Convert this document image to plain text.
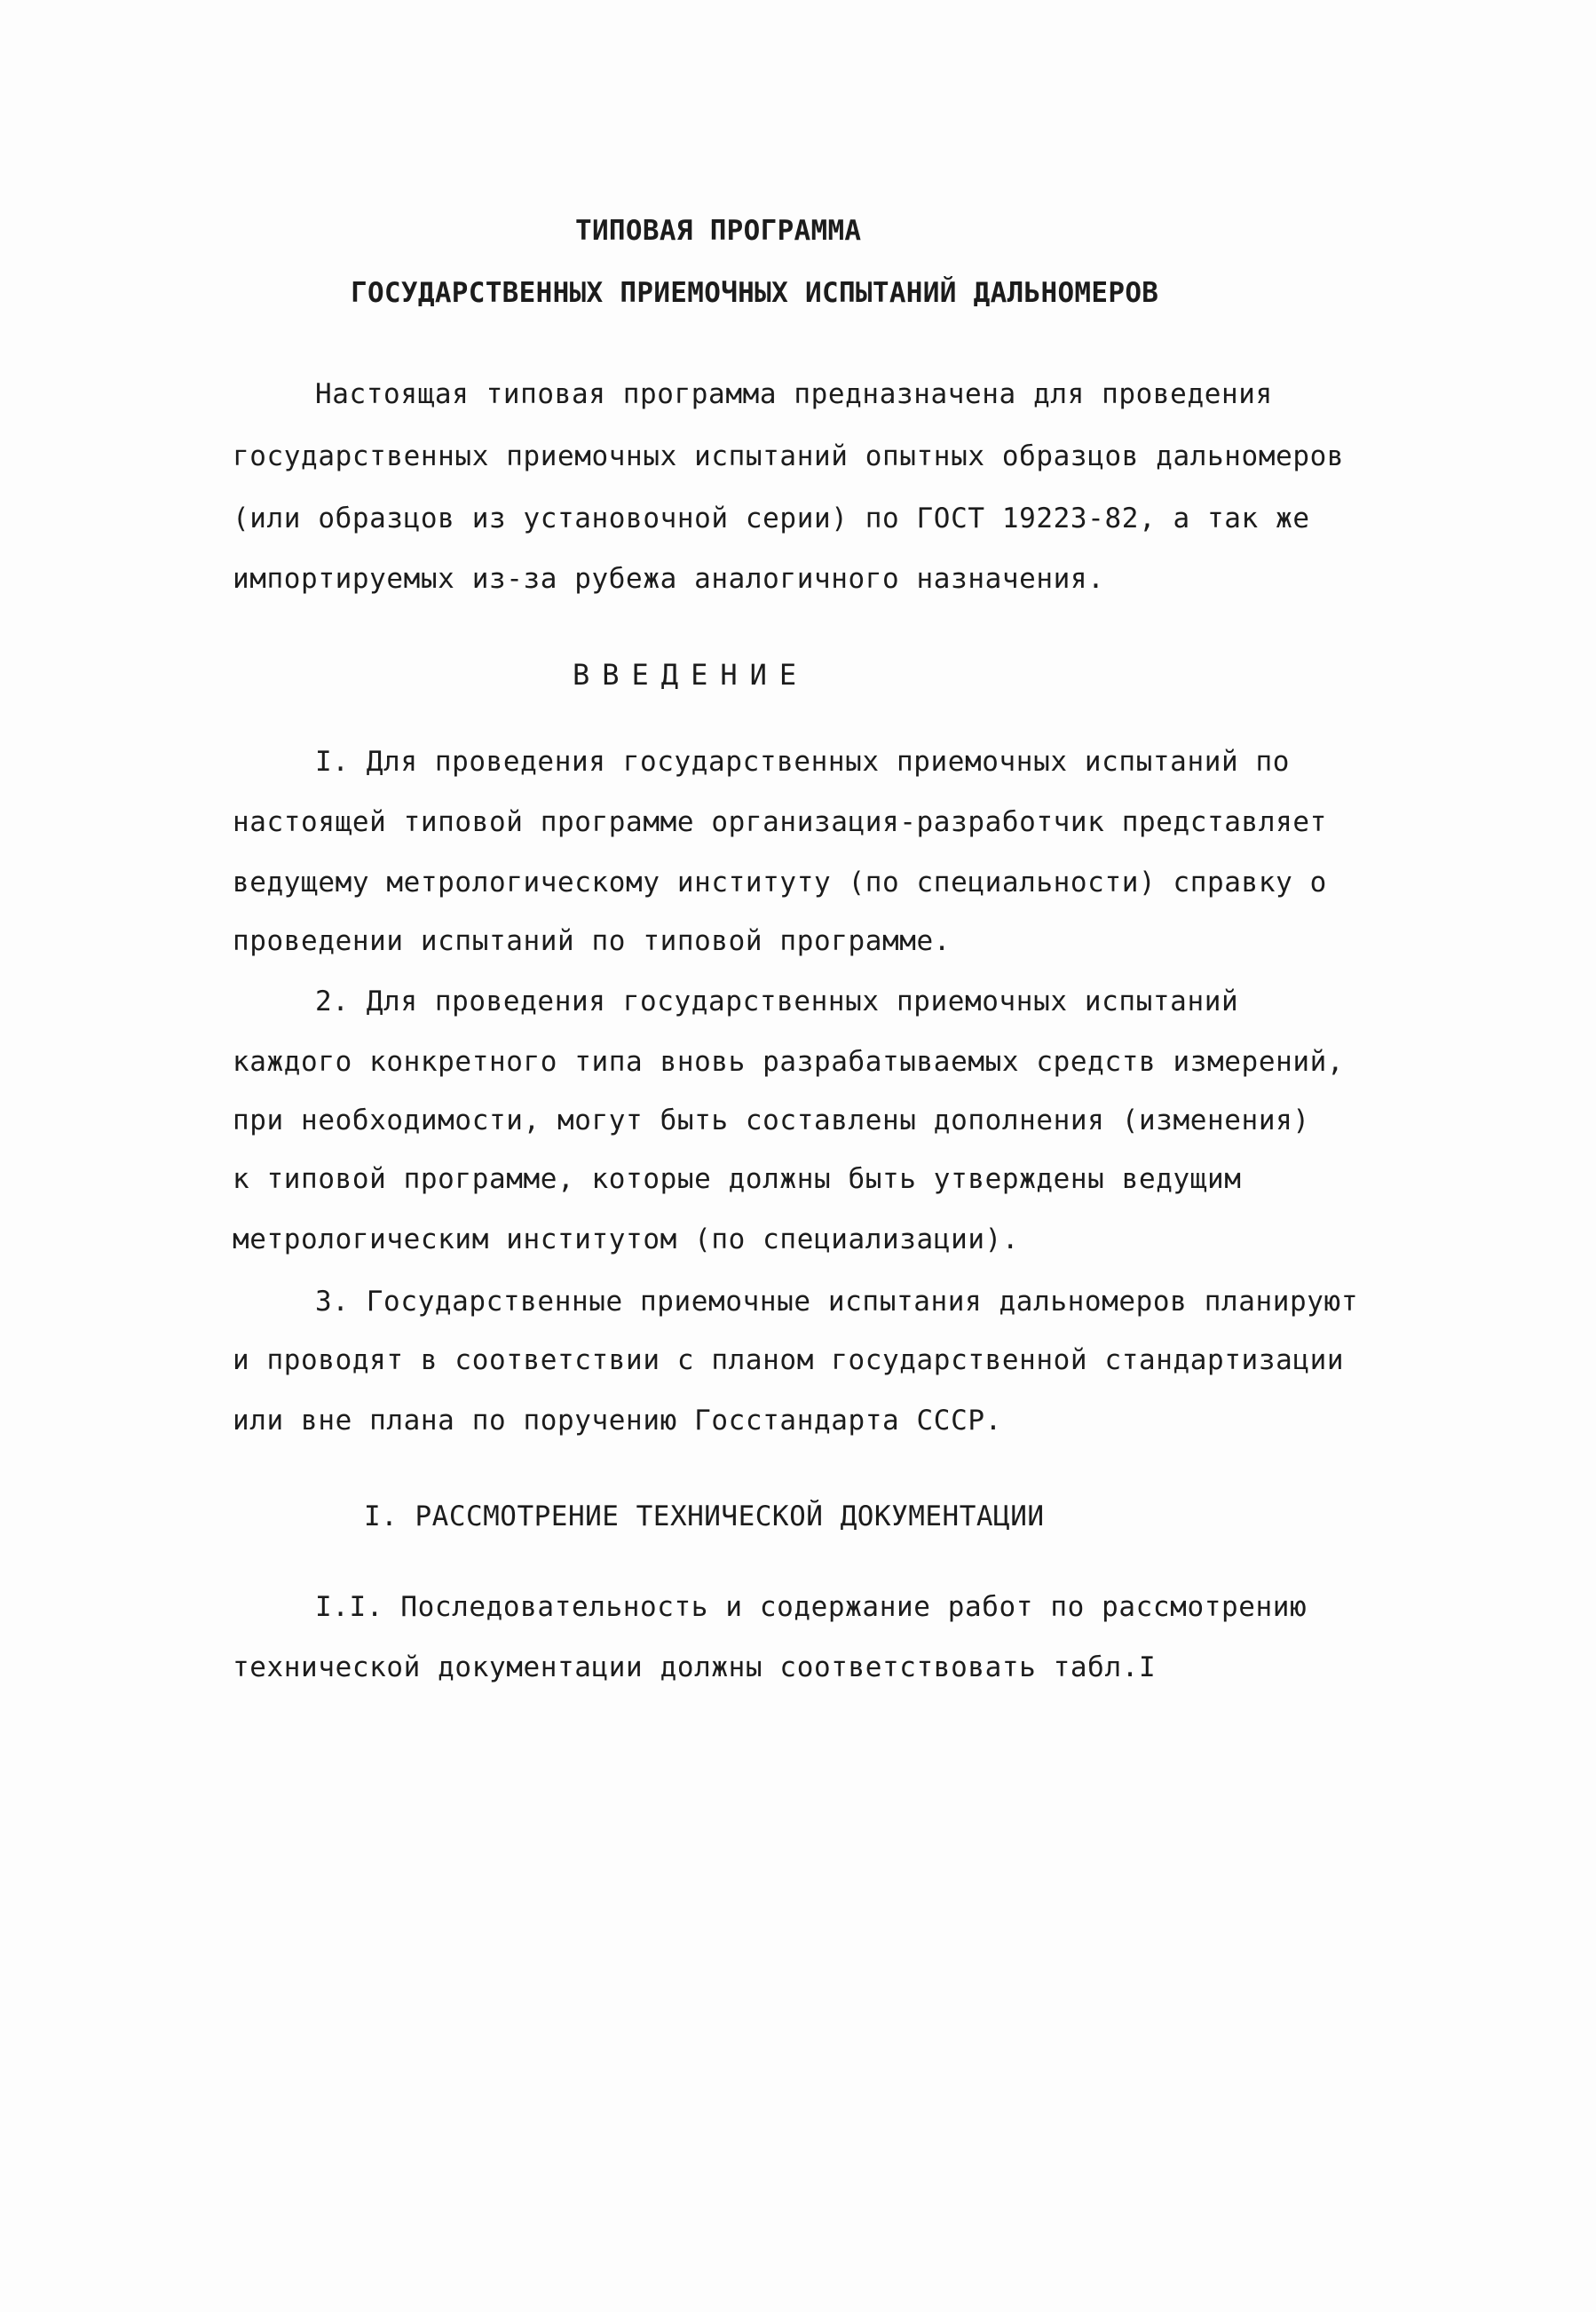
ТИПОВАЯ ПРОГРАММА
ГОСУДАРСТВЕННЫХ ПРИЕМОЧНЫХ ИСПЫТАНИЙ ДАЛЬНОМЕРОВ
Настоящая типовая программа предназначена для проведения
государственных приемочных испытаний опытных образцов дальномеров
(или образцов из установочной серии) по ГОСТ 19223-82, а так же
импортируемых из-за рубежа аналогичного назначения.
ВВЕДЕНИЕ
I. Для проведения государственных приемочных испытаний по
настоящей типовой программе организация-разработчик представляет
ведущему метрологическому институту (по специальности) справку о
проведении испытаний по типовой программе.
2. Для проведения государственных приемочных испытаний
каждого конкретного типа вновь разрабатываемых средств измерений,
при необходимости, могут быть составлены дополнения (изменения)
к типовой программе, которые должны быть утверждены ведущим
метрологическим институтом (по специализации).
3. Государственные приемочные испытания дальномеров планируют
и проводят в соответствии с планом государственной стандартизации
или вне плана по поручению Госстандарта СССР.
I. РАССМОТРЕНИЕ ТЕХНИЧЕСКОЙ ДОКУМЕНТАЦИИ
I.I. Последовательность и содержание работ по рассмотрению
технической документации должны соответствовать табл.I
